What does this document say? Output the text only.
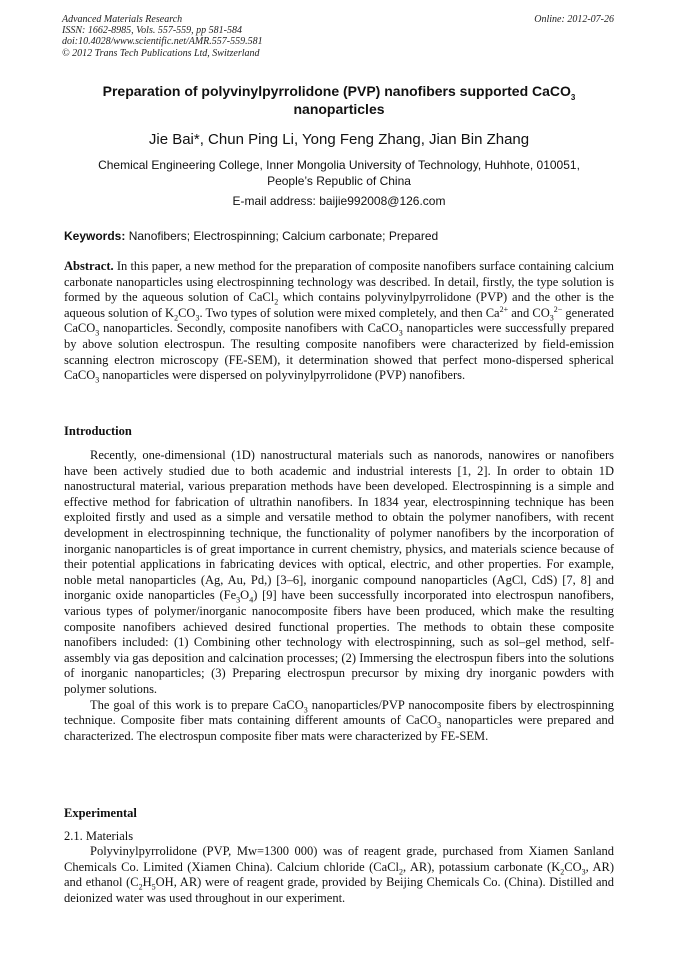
Advanced Materials Research
ISSN: 1662-8985, Vols. 557-559, pp 581-584
doi:10.4028/www.scientific.net/AMR.557-559.581
© 2012 Trans Tech Publications Ltd, Switzerland
Online: 2012-07-26
Preparation of polyvinylpyrrolidone (PVP) nanofibers supported CaCO$_3$
nanoparticles
Jie Bai*, Chun Ping Li, Yong Feng Zhang, Jian Bin Zhang
Chemical Engineering College, Inner Mongolia University of Technology, Huhhote, 010051,
People’s Republic of China
E-mail address: baijie992008@126.com
Keywords: Nanofibers; Electrospinning; Calcium carbonate; Prepared
Abstract. In this paper, a new method for the preparation of composite nanofibers surface containing calcium carbonate nanoparticles using electrospinning technology was described. In detail, firstly, the type solution is formed by the aqueous solution of CaCl$_2$ which contains polyvinylpyrrolidone (PVP) and the other is the aqueous solution of $K_2CO_3$. Two types of solution were mixed completely, and then $Ca^{2+}$ and $CO_3^{2-}$ generated CaCO$_3$ nanoparticles. Secondly, composite nanofibers with CaCO$_3$ nanoparticles were successfully prepared by above solution electrospun. The resulting composite nanofibers were characterized by field-emission scanning electron microscopy (FE-SEM), it determination showed that perfect mono-dispersed spherical CaCO$_3$ nanoparticles were dispersed on polyvinylpyrrolidone (PVP) nanofibers.
Introduction

Recently, one-dimensional (1D) nanostructural materials such as nanorods, nanowires or nanofibers have been actively studied due to both academic and industrial interests [1, 2]. In order to obtain 1D nanostructural material, various preparation methods have been developed. Electrospinning is a simple and effective method for fabrication of ultrathin nanofibers. In 1834 year, electrospinning technique has been exploited firstly and used as a simple and versatile method to obtain the polymer nanofibers, with recent development in electrospinning technique, the functionality of polymer nanofibers by the incorporation of inorganic nanoparticles is of great importance in current chemistry, physics, and materials science because of their potential applications in fabricating devices with optical, electric, and other properties. For example, noble metal nanoparticles (Ag, Au, Pd,) [3–6], inorganic compound nanoparticles (AgCl, CdS) [7, 8] and inorganic oxide nanoparticles $(Fe_3O_4)$ [9] have been successfully incorporated into electrospun nanofibers, various types of polymer/inorganic nanocomposite fibers have been produced, which make the resulting composite nanofibers achieved desired functional properties. The methods to obtain these composite nanofibers included: (1) Combining other technology with electrospinning, such as sol–gel method, self-assembly via gas deposition and calcination processes; (2) Immersing the electrospun fibers into the solutions of inorganic nanoparticles; (3) Preparing electrospun precursor by mixing dry inorganic powders with polymer solutions.

The goal of this work is to prepare CaCO$_3$ nanoparticles/PVP nanocomposite fibers by electrospinning technique. Composite fiber mats containing different amounts of CaCO$_3$ nanoparticles were prepared and characterized. The electrospun composite fiber mats were characterized by FE-SEM.

Experimental
2.1. Materials

Polyvinylpyrrolidone (PVP, Mw=1300 000) was of reagent grade, purchased from Xiamen Sanland Chemicals Co. Limited (Xiamen China). Calcium chloride (CaCl$_2$, AR), potassium carbonate ($K_2CO_3$, AR) and ethanol ($C_2H_5OH$, AR) were of reagent grade, provided by Beijing Chemicals Co. (China). Distilled and deionized water was used throughout in our experiment.
